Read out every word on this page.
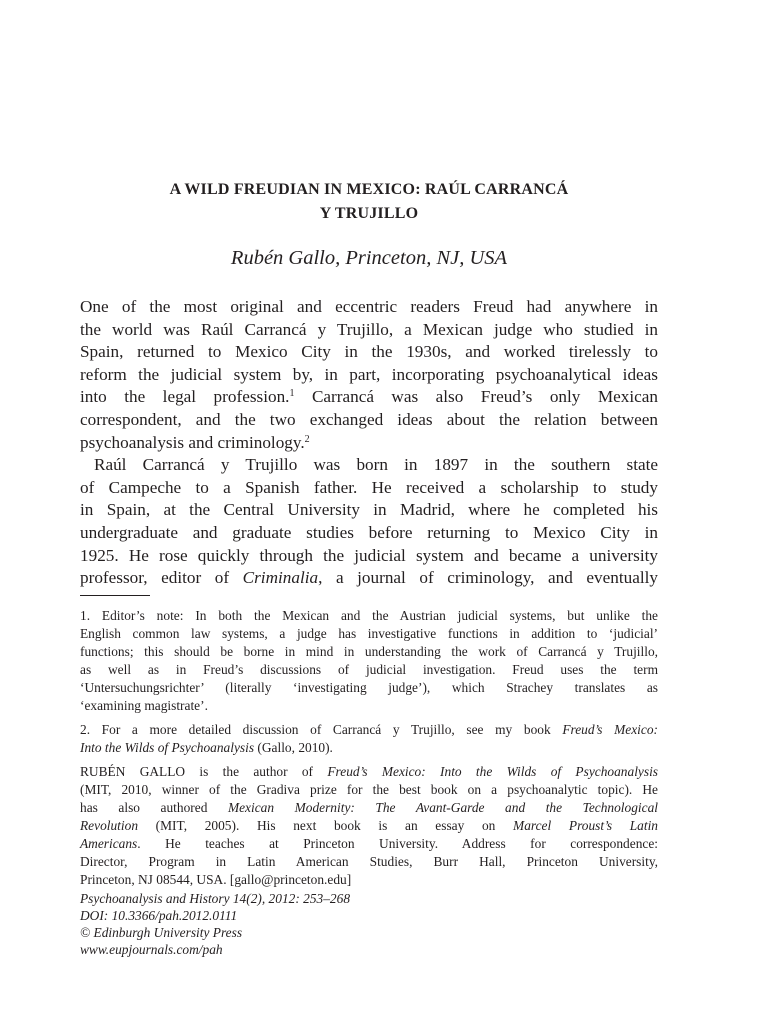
A WILD FREUDIAN IN MEXICO: RAÚL CARRANCÁ
Y TRUJILLO
Rubén Gallo, Princeton, NJ, USA
One of the most original and eccentric readers Freud had anywhere in
the world was Raúl Carrancá y Trujillo, a Mexican judge who studied in
Spain, returned to Mexico City in the 1930s, and worked tirelessly to
reform the judicial system by, in part, incorporating psychoanalytical ideas
into the legal profession.$^1$ Carrancá was also Freud’s only Mexican
correspondent, and the two exchanged ideas about the relation between
psychoanalysis and criminology.$^2$
Raúl Carrancá y Trujillo was born in 1897 in the southern state
of Campeche to a Spanish father. He received a scholarship to study
in Spain, at the Central University in Madrid, where he completed his
undergraduate and graduate studies before returning to Mexico City in
1925. He rose quickly through the judicial system and became a university
professor, editor of Criminalia, a journal of criminology, and eventually
1. Editor’s note: In both the Mexican and the Austrian judicial systems, but unlike the
English common law systems, a judge has investigative functions in addition to ‘judicial’
functions; this should be borne in mind in understanding the work of Carrancá y Trujillo,
as well as in Freud’s discussions of judicial investigation. Freud uses the term
‘Untersuchungsrichter’ (literally ‘investigating judge’), which Strachey translates as
‘examining magistrate’.
2. For a more detailed discussion of Carrancá y Trujillo, see my book Freud’s Mexico:
Into the Wilds of Psychoanalysis (Gallo, 2010).
RUBÉN GALLO is the author of Freud’s Mexico: Into the Wilds of Psychoanalysis
(MIT, 2010, winner of the Gradiva prize for the best book on a psychoanalytic topic). He
has also authored Mexican Modernity: The Avant-Garde and the Technological
Revolution (MIT, 2005). His next book is an essay on Marcel Proust’s Latin
Americans. He teaches at Princeton University. Address for correspondence:
Director, Program in Latin American Studies, Burr Hall, Princeton University,
Princeton, NJ 08544, USA. [gallo@princeton.edu]
Psychoanalysis and History 14(2), 2012: 253–268
DOI: 10.3366/pah.2012.0111
© Edinburgh University Press
www.eupjournals.com/pah
